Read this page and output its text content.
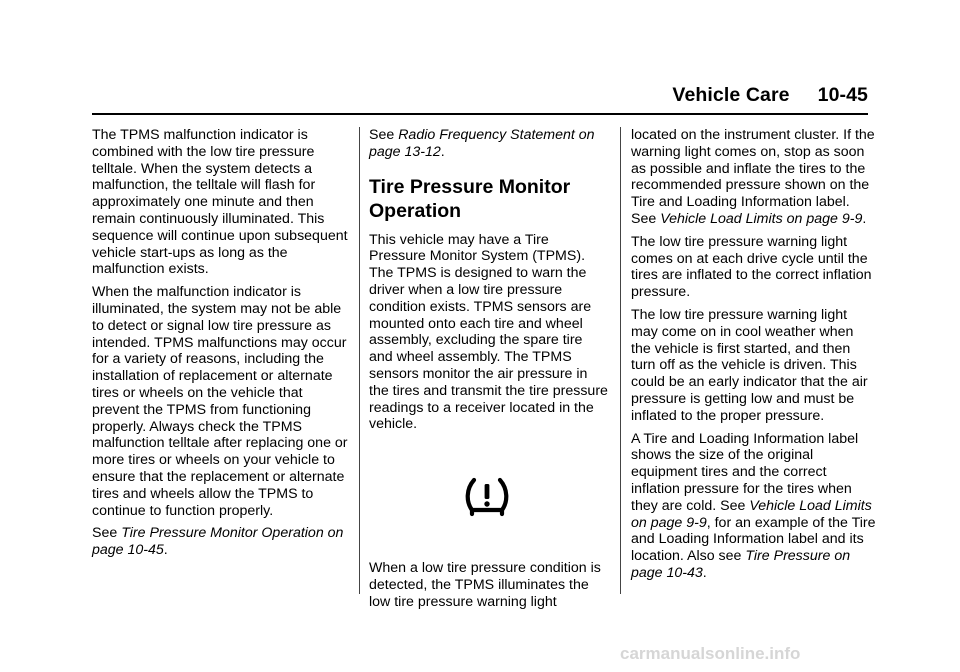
Vehicle Care 10-45

The TPMS malfunction indicator is combined with the low tire pressure telltale. When the system detects a malfunction, the telltale will flash for approximately one minute and then remain continuously illuminated. This sequence will continue upon subsequent vehicle start-ups as long as the malfunction exists.

When the malfunction indicator is illuminated, the system may not be able to detect or signal low tire pressure as intended. TPMS malfunctions may occur for a variety of reasons, including the installation of replacement or alternate tires or wheels on the vehicle that prevent the TPMS from functioning properly. Always check the TPMS malfunction telltale after replacing one or more tires or wheels on your vehicle to ensure that the replacement or alternate tires and wheels allow the TPMS to continue to function properly.

See Tire Pressure Monitor Operation on page 10-45.

See Radio Frequency Statement on page 13-12.

Tire Pressure Monitor Operation

This vehicle may have a Tire Pressure Monitor System (TPMS). The TPMS is designed to warn the driver when a low tire pressure condition exists. TPMS sensors are mounted onto each tire and wheel assembly, excluding the spare tire and wheel assembly. The TPMS sensors monitor the air pressure in the tires and transmit the tire pressure readings to a receiver located in the vehicle.

When a low tire pressure condition is detected, the TPMS illuminates the low tire pressure warning light

located on the instrument cluster. If the warning light comes on, stop as soon as possible and inflate the tires to the recommended pressure shown on the Tire and Loading Information label. See Vehicle Load Limits on page 9-9.

The low tire pressure warning light comes on at each drive cycle until the tires are inflated to the correct inflation pressure.

The low tire pressure warning light may come on in cool weather when the vehicle is first started, and then turn off as the vehicle is driven. This could be an early indicator that the air pressure is getting low and must be inflated to the proper pressure.

A Tire and Loading Information label shows the size of the original equipment tires and the correct inflation pressure for the tires when they are cold. See Vehicle Load Limits on page 9-9, for an example of the Tire and Loading Information label and its location. Also see Tire Pressure on page 10-43.

carmanualsonline.info
